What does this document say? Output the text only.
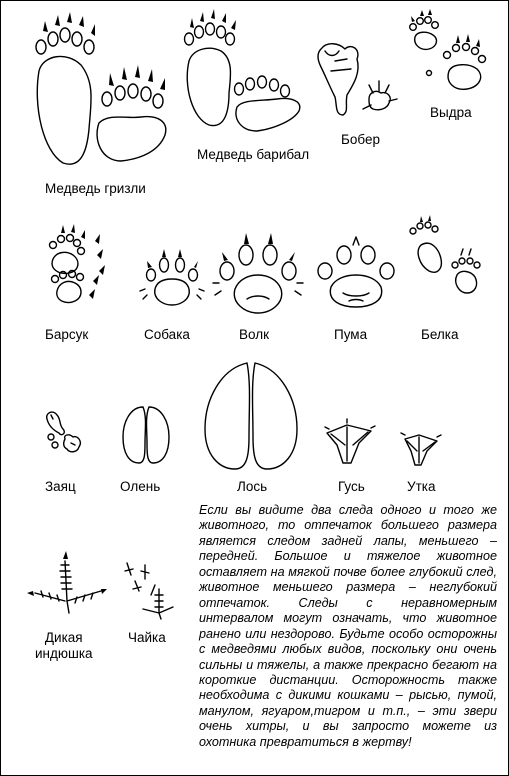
Медведь гризли
Медведь барибал
Бобер
Выдра
Барсук	Собака	Волк	Пума	Белка
Заяц	Олень	Лось	Гусь	Утка
Дикая
индюшка
Чайка

Если вы видите два следа одного и того же животного, то отпечаток большего размера является следом задней лапы, меньшего – передней. Большое и тяжелое животное оставляет на мягкой почве более глубокий след, животное меньшего размера – неглубокий отпечаток. Следы с неравномерным интервалом могут означать, что животное ранено или нездорово. Будьте особо осторожны с медведями любых видов, поскольку они очень сильны и тяжелы, а также прекрасно бегают на короткие дистанции. Осторожность также необходима с дикими кошками – рысью, пумой, манулом, ягуаром,тигром и т.п., – эти звери очень хитры, и вы запросто можете из охотника превратиться в жертву!
